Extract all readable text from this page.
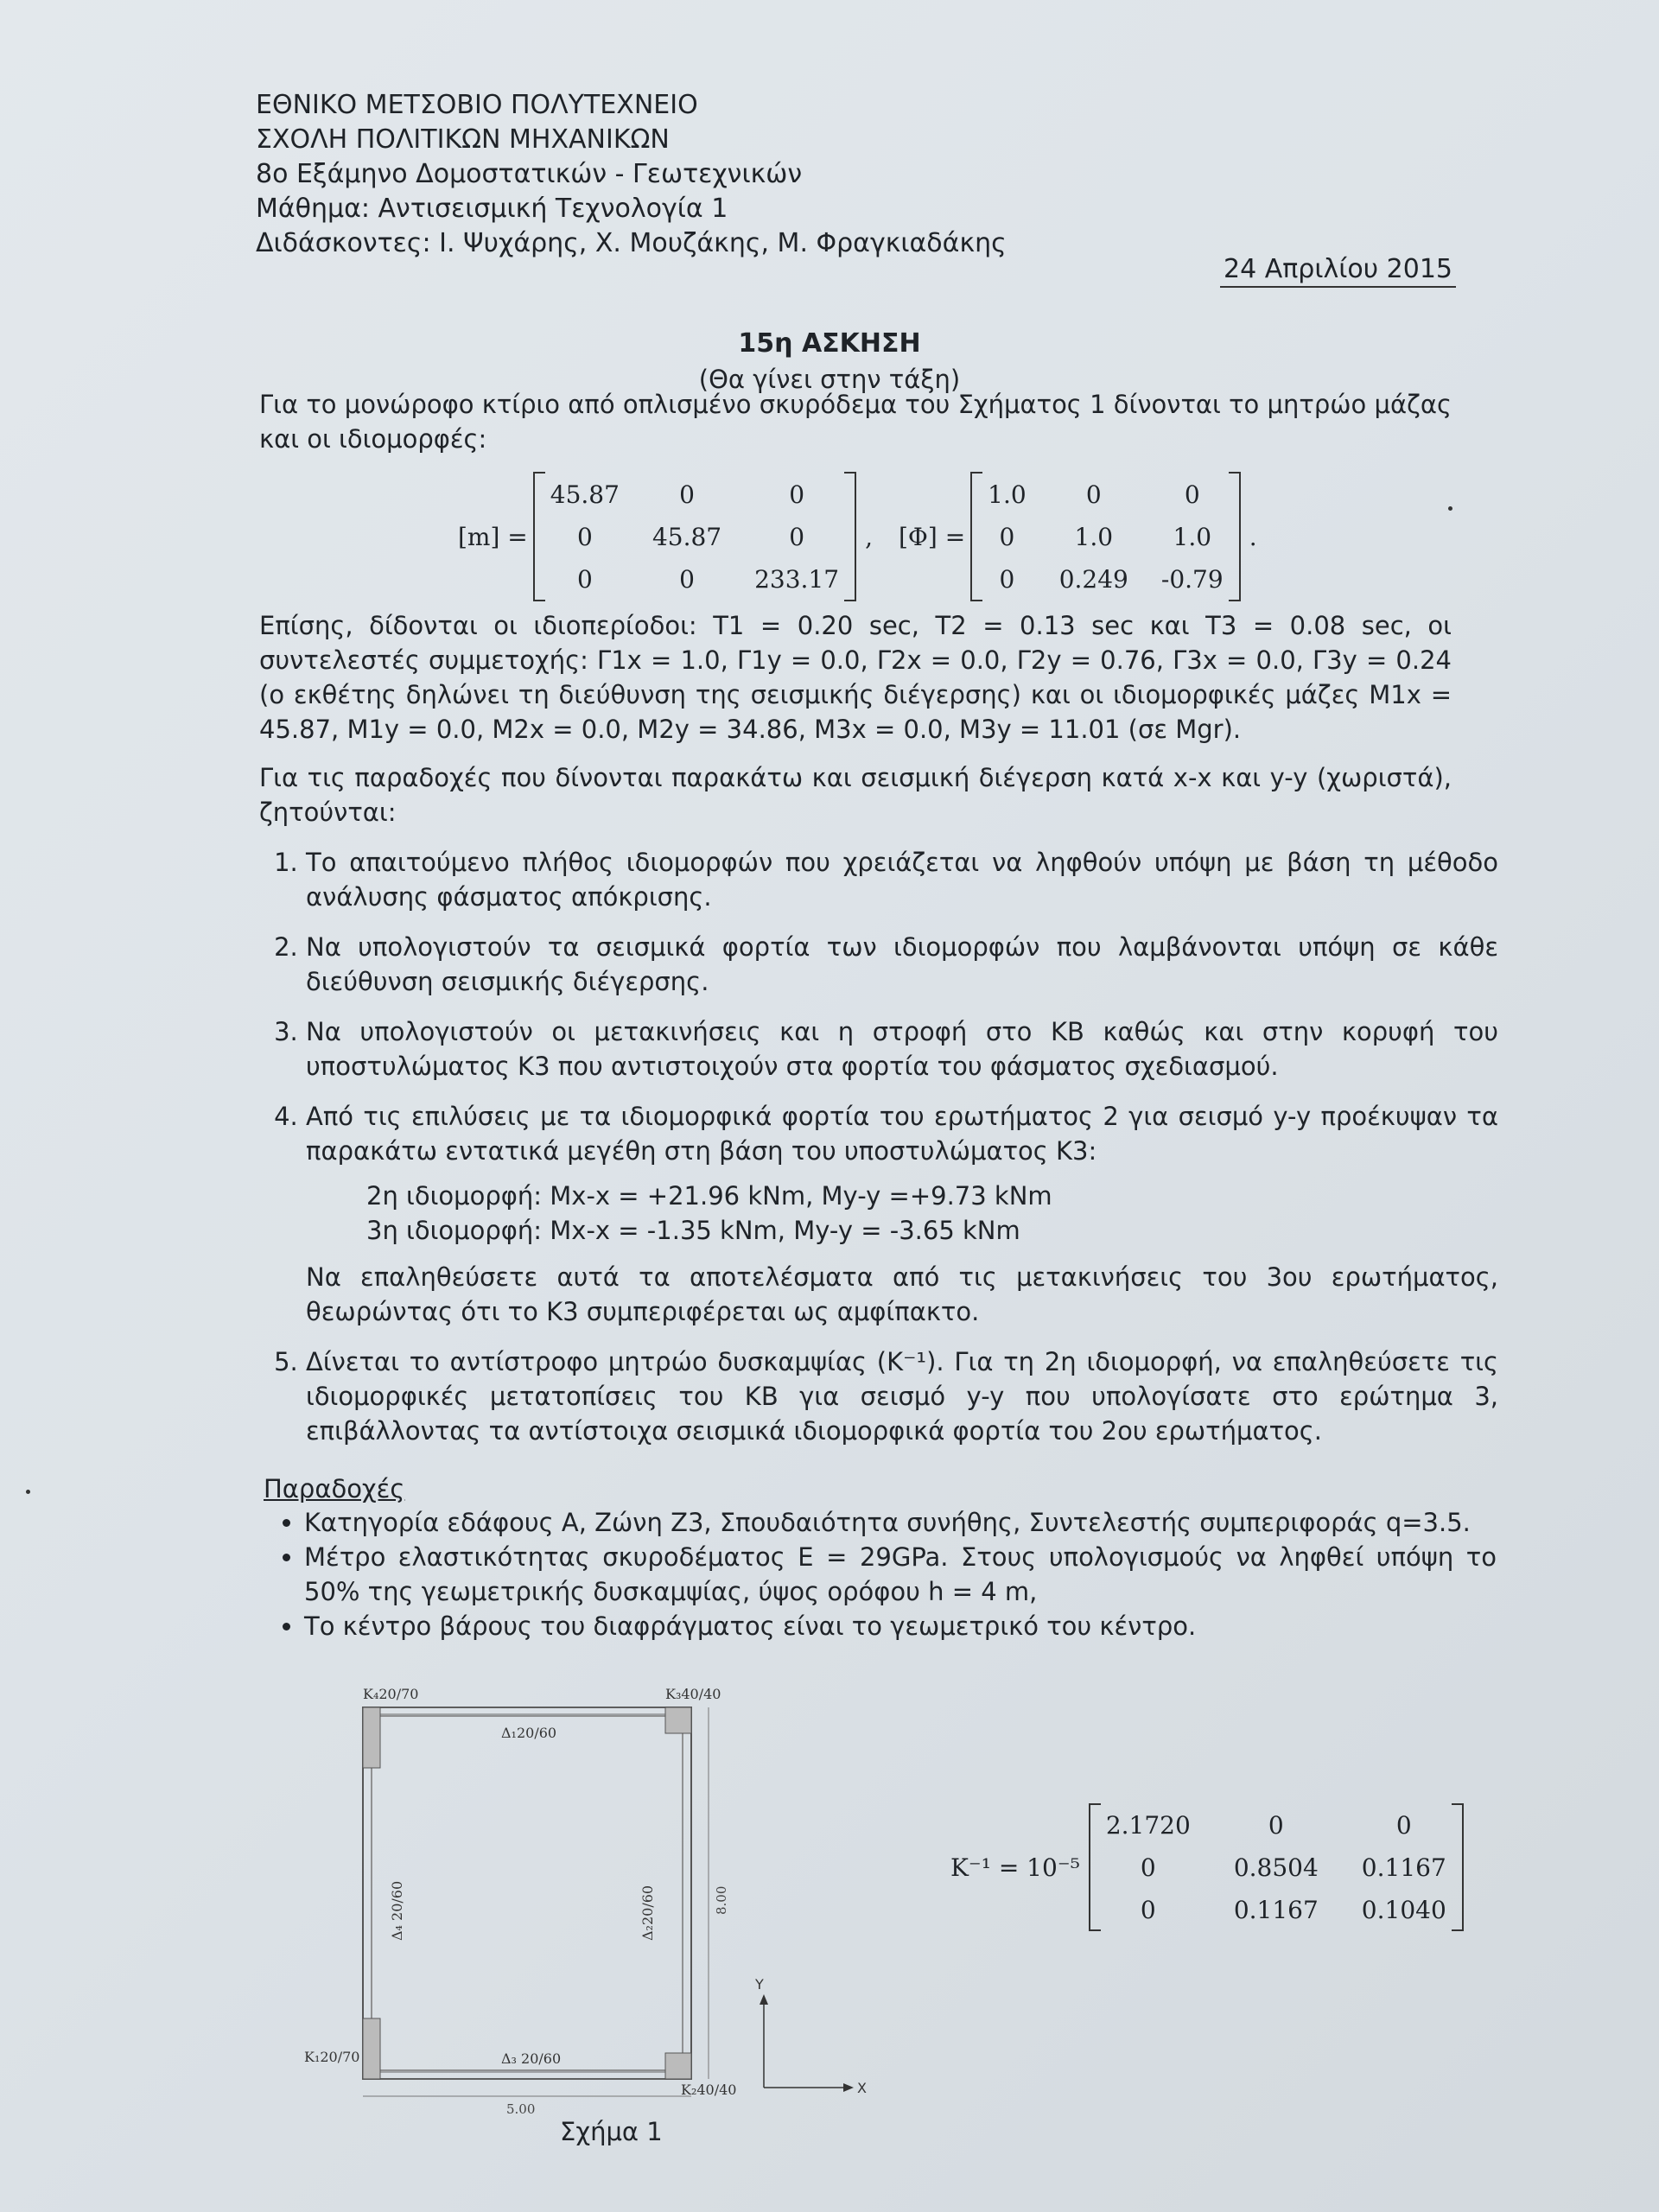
ΕΘΝΙΚΟ ΜΕΤΣΟΒΙΟ ΠΟΛΥΤΕΧΝΕΙΟ
ΣΧΟΛΗ ΠΟΛΙΤΙΚΩΝ ΜΗΧΑΝΙΚΩΝ
8ο Εξάμηνο Δομοστατικών - Γεωτεχνικών
Μάθημα: Αντισεισμική Τεχνολογία 1
Διδάσκοντες: Ι. Ψυχάρης, Χ. Μουζάκης, Μ. Φραγκιαδάκης
24 Απριλίου 2015
15η ΑΣΚΗΣΗ
(Θα γίνει στην τάξη)
Για το μονώροφο κτίριο από οπλισμένο σκυρόδεμα του Σχήματος 1 δίνονται το μητρώο μάζας και οι ιδιομορφές:
[m] =
45.87	0	0
0	45.87	0
0	0	233.17
, [Φ] =
1.0	0	0
0	1.0	1.0
0	0.249 -0.79
.
Επίσης, δίδονται οι ιδιοπερίοδοι: T1 = 0.20 sec, T2 = 0.13 sec και T3 = 0.08 sec, οι συντελεστές συμμετοχής: Γ1x = 1.0, Γ1y = 0.0, Γ2x = 0.0, Γ2y = 0.76, Γ3x = 0.0, Γ3y = 0.24 (ο εκθέτης δηλώνει τη διεύθυνση της σεισμικής διέγερσης) και οι ιδιομορφικές μάζες M1x = 45.87, M1y = 0.0, M2x = 0.0, M2y = 34.86, M3x = 0.0, M3y = 11.01 (σε Mgr).
Για τις παραδοχές που δίνονται παρακάτω και σεισμική διέγερση κατά x-x και y-y (χωριστά), ζητούνται:
1. Το απαιτούμενο πλήθος ιδιομορφών που χρειάζεται να ληφθούν υπόψη με βάση τη μέθοδο ανάλυσης φάσματος απόκρισης.
2. Να υπολογιστούν τα σεισμικά φορτία των ιδιομορφών που λαμβάνονται υπόψη σε κάθε διεύθυνση σεισμικής διέγερσης.
3. Να υπολογιστούν οι μετακινήσεις και η στροφή στο ΚΒ καθώς και στην κορυφή του υποστυλώματος Κ3 που αντιστοιχούν στα φορτία του φάσματος σχεδιασμού.
4. Από τις επιλύσεις με τα ιδιομορφικά φορτία του ερωτήματος 2 για σεισμό y-y προέκυψαν τα παρακάτω εντατικά μεγέθη στη βάση του υποστυλώματος Κ3:
2η ιδιομορφή: Mx-x = +21.96 kNm, My-y =+9.73 kNm
3η ιδιομορφή: Mx-x = -1.35 kNm, My-y = -3.65 kNm
Να επαληθεύσετε αυτά τα αποτελέσματα από τις μετακινήσεις του 3ου ερωτήματος, θεωρώντας ότι το Κ3 συμπεριφέρεται ως αμφίπακτο.
5. Δίνεται το αντίστροφο μητρώο δυσκαμψίας (K⁻¹). Για τη 2η ιδιομορφή, να επαληθεύσετε τις ιδιομορφικές μετατοπίσεις του ΚΒ για σεισμό y-y που υπολογίσατε στο ερώτημα 3, επιβάλλοντας τα αντίστοιχα σεισμικά ιδιομορφικά φορτία του 2ου ερωτήματος.
Παραδοχές
• Κατηγορία εδάφους Α, Ζώνη Ζ3, Σπουδαιότητα συνήθης, Συντελεστής συμπεριφοράς q=3.5.
• Μέτρο ελαστικότητας σκυροδέματος E = 29GPa. Στους υπολογισμούς να ληφθεί υπόψη το 50% της γεωμετρικής δυσκαμψίας, ύψος ορόφου h = 4 m,
• Το κέντρο βάρους του διαφράγματος είναι το γεωμετρικό του κέντρο.
K₄20/70	K₃40/40
K₁20/70
K₂40/40
Δ₁20/60
Δ₃ 20/60
Δ₄ 20/60	Δ₂20/60	8.00
5.00
Y
X
Σχήμα 1
K⁻¹ = 10⁻⁵
2.1720	0	0
0	0.8504 0.1167
0	0.1167 0.1040
